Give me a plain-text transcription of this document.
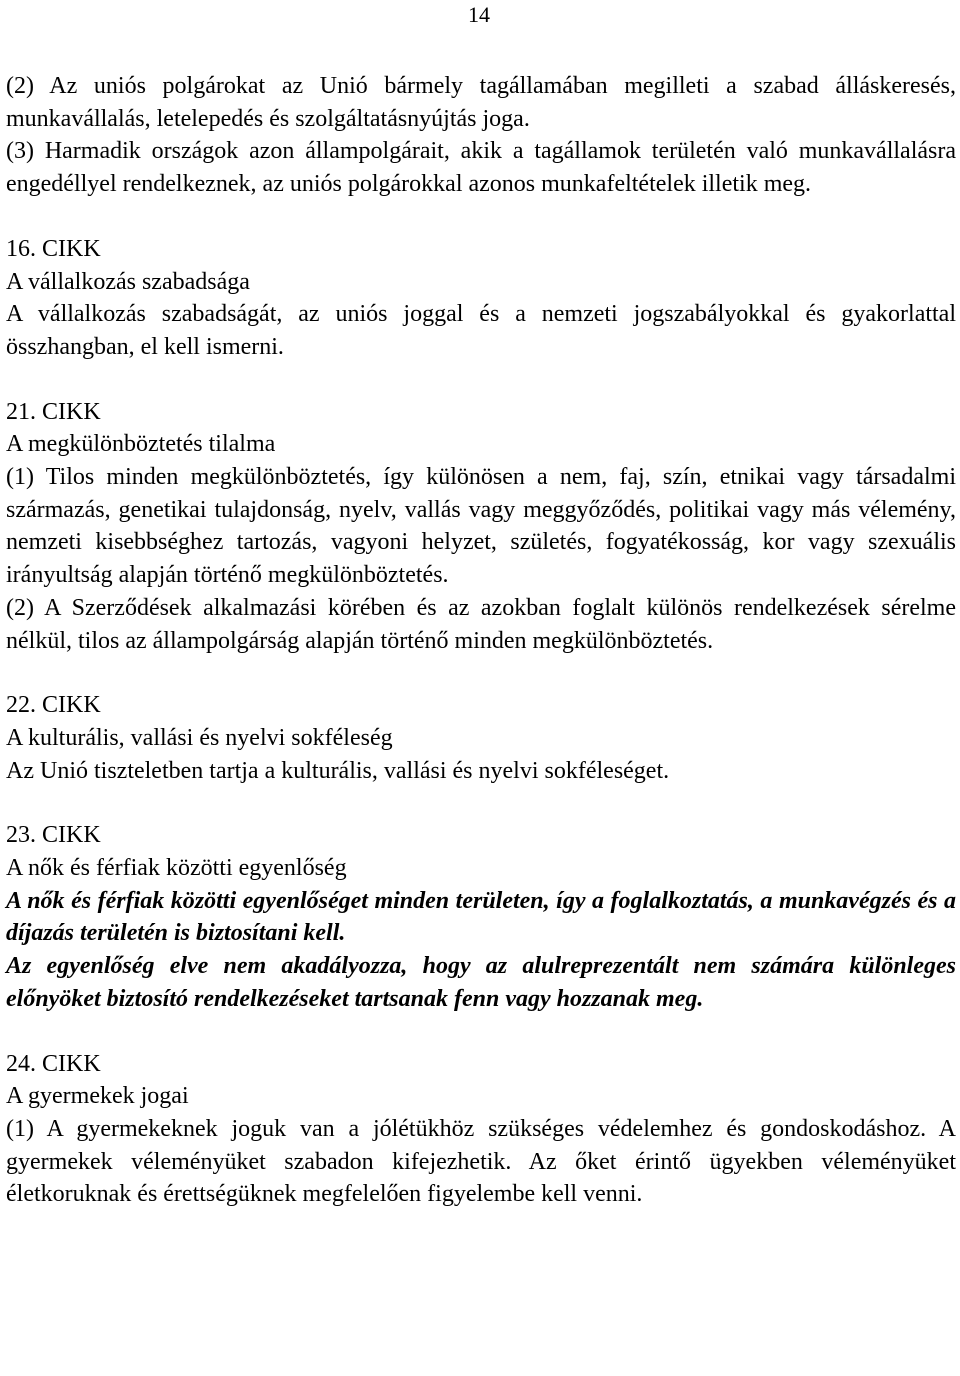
14

(2) Az uniós polgárokat az Unió bármely tagállamában megilleti a szabad álláskeresés, munkavállalás, letelepedés és szolgáltatásnyújtás joga.

(3) Harmadik országok azon állampolgárait, akik a tagállamok területén való munkavállalásra engedéllyel rendelkeznek, az uniós polgárokkal azonos munkafeltételek illetik meg.

16. CIKK

A vállalkozás szabadsága

A vállalkozás szabadságát, az uniós joggal és a nemzeti jogszabályokkal és gyakorlattal összhangban, el kell ismerni.

21. CIKK

A megkülönböztetés tilalma

(1) Tilos minden megkülönböztetés, így különösen a nem, faj, szín, etnikai vagy társadalmi származás, genetikai tulajdonság, nyelv, vallás vagy meggyőződés, politikai vagy más vélemény, nemzeti kisebbséghez tartozás, vagyoni helyzet, születés, fogyatékosság, kor vagy szexuális irányultság alapján történő megkülönböztetés.

(2) A Szerződések alkalmazási körében és az azokban foglalt különös rendelkezések sérelme nélkül, tilos az állampolgárság alapján történő minden megkülönböztetés.

22. CIKK

A kulturális, vallási és nyelvi sokféleség

Az Unió tiszteletben tartja a kulturális, vallási és nyelvi sokféleséget.

23. CIKK

A nők és férfiak közötti egyenlőség

A nők és férfiak közötti egyenlőséget minden területen, így a foglalkoztatás, a munkavégzés és a díjazás területén is biztosítani kell.

Az egyenlőség elve nem akadályozza, hogy az alulreprezentált nem számára különleges előnyöket biztosító rendelkezéseket tartsanak fenn vagy hozzanak meg.

24. CIKK

A gyermekek jogai

(1) A gyermekeknek joguk van a jólétükhöz szükséges védelemhez és gondoskodáshoz. A gyermekek véleményüket szabadon kifejezhetik. Az őket érintő ügyekben véleményüket életkoruknak és érettségüknek megfelelően figyelembe kell venni.
